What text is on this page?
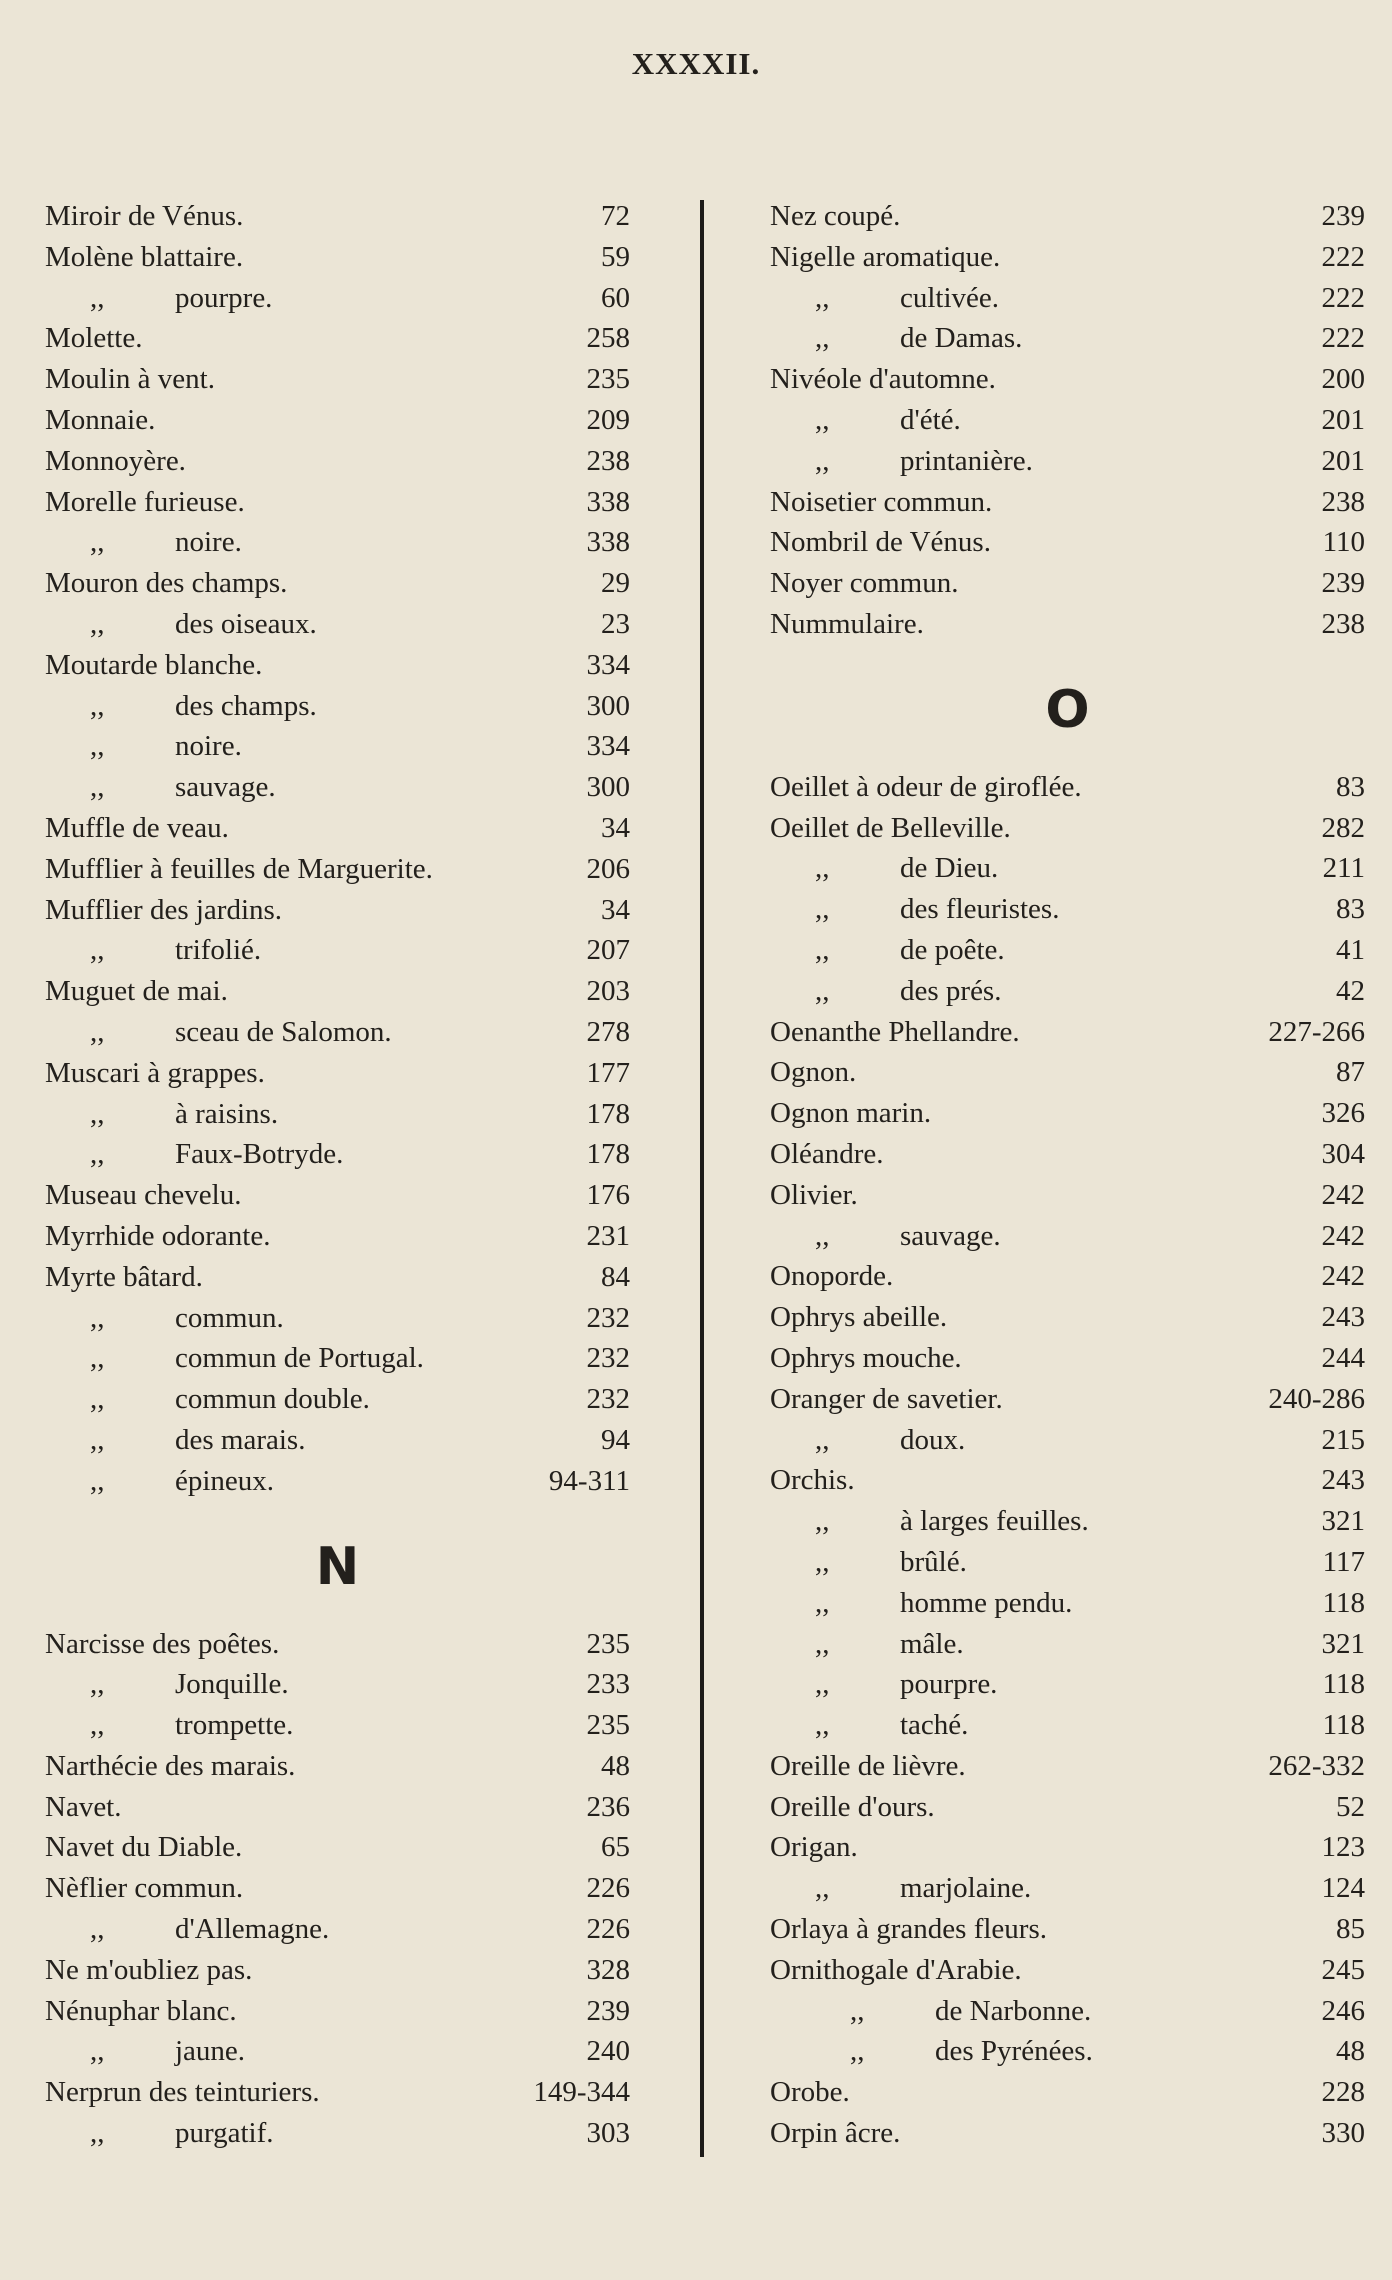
XXXXII.
Miroir de Vénus.	72
Molène blattaire.	59
,, pourpre.	60
Molette.	258
Moulin à vent.	235
Monnaie.	209
Monnoyère.	238
Morelle furieuse.	338
,, noire.	338
Mouron des champs.	29
,, des oiseaux.	23
Moutarde blanche.	334
,, des champs.	300
,, noire.	334
,, sauvage.	300
Muffle de veau.	34
Mufflier à feuilles de Marguerite.	206
Mufflier des jardins.	34
,, trifolié.	207
Muguet de mai.	203
,, sceau de Salomon.	278
Muscari à grappes.	177
,, à raisins.	178
,, Faux-Botryde.	178
Museau chevelu.	176
Myrrhide odorante.	231
Myrte bâtard.	84
,, commun.	232
,, commun de Portugal.	232
,, commun double.	232
,, des marais.	94
,, épineux.	94-311
N
Narcisse des poêtes.	235
,, Jonquille.	233
,, trompette.	235
Narthécie des marais.	48
Navet.	236
Navet du Diable.	65
Nèflier commun.	226
,, d'Allemagne.	226
Ne m'oubliez pas.	328
Nénuphar blanc.	239
,, jaune.	240
Nerprun des teinturiers.	149-344
,, purgatif.	303
Nez coupé.	239
Nigelle aromatique.	222
,, cultivée.	222
,, de Damas.	222
Nivéole d'automne.	200
,, d'été.	201
,, printanière.	201
Noisetier commun.	238
Nombril de Vénus.	110
Noyer commun.	239
Nummulaire.	238
O
Oeillet à odeur de giroflée.	83
Oeillet de Belleville.	282
,, de Dieu.	211
,, des fleuristes.	83
,, de poête.	41
,, des prés.	42
Oenanthe Phellandre.	227-266
Ognon.	87
Ognon marin.	326
Oléandre.	304
Olivier.	242
,, sauvage.	242
Onoporde.	242
Ophrys abeille.	243
Ophrys mouche.	244
Oranger de savetier.	240-286
,, doux.	215
Orchis.	243
,, à larges feuilles.	321
,, brûlé.	117
,, homme pendu.	118
,, mâle.	321
,, pourpre.	118
,, taché.	118
Oreille de lièvre.	262-332
Oreille d'ours.	52
Origan.	123
,, marjolaine.	124
Orlaya à grandes fleurs.	85
Ornithogale d'Arabie.	245
,, de Narbonne.	246
,, des Pyrénées.	48
Orobe.	228
Orpin âcre.	330
